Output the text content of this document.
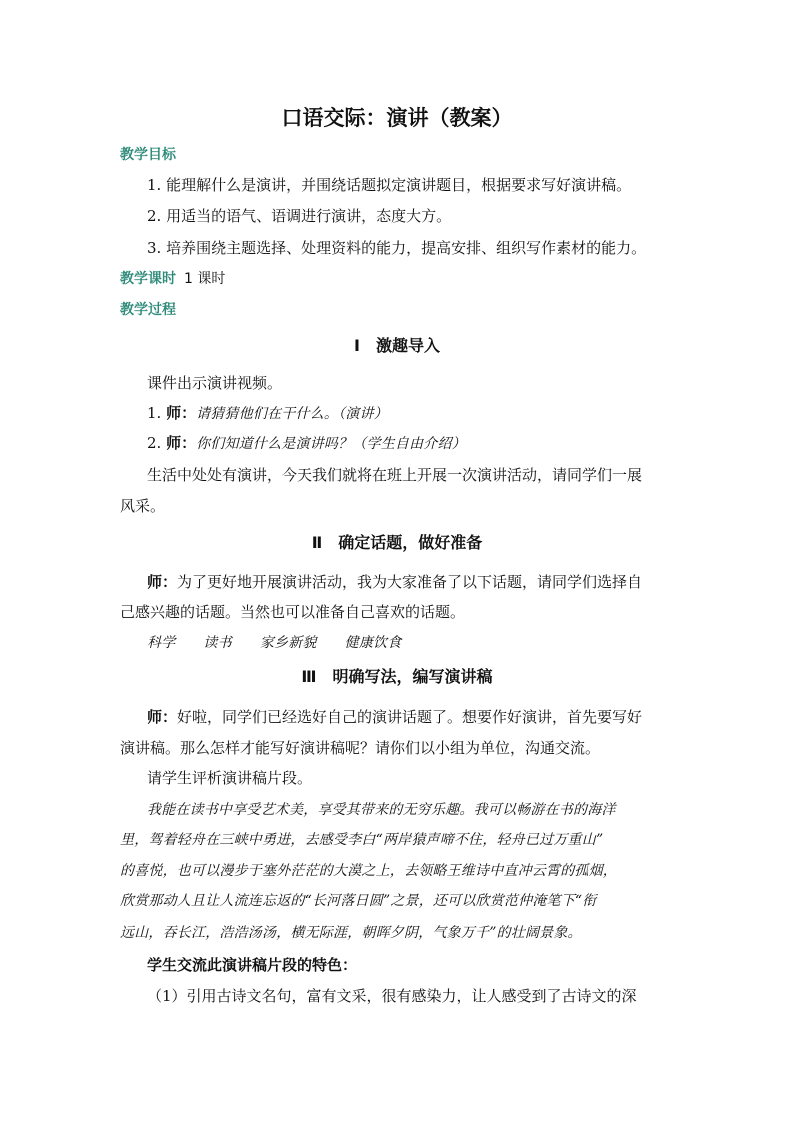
口语交际：演讲（教案）
教学目标
1. 能理解什么是演讲，并围绕话题拟定演讲题目，根据要求写好演讲稿。
2. 用适当的语气、语调进行演讲，态度大方。
3. 培养围绕主题选择、处理资料的能力，提高安排、组织写作素材的能力。
教学课时 1 课时
教学过程
Ⅰ　激趣导入
课件出示演讲视频。
1. 师：请猜猜他们在干什么。（演讲）
2. 师：你们知道什么是演讲吗？（学生自由介绍）
生活中处处有演讲，今天我们就将在班上开展一次演讲活动，请同学们一展
风采。
Ⅱ　确定话题，做好准备
师：为了更好地开展演讲活动，我为大家准备了以下话题，请同学们选择自
己感兴趣的话题。当然也可以准备自己喜欢的话题。
科学 读书 家乡新貌 健康饮食
Ⅲ　明确写法，编写演讲稿
师：好啦，同学们已经选好自己的演讲话题了。想要作好演讲，首先要写好
演讲稿。那么怎样才能写好演讲稿呢？请你们以小组为单位，沟通交流。
请学生评析演讲稿片段。
我能在读书中享受艺术美，享受其带来的无穷乐趣。我可以畅游在书的海洋
里，驾着轻舟在三峡中勇进，去感受李白“两岸猿声啼不住，轻舟已过万重山”
的喜悦，也可以漫步于塞外茫茫的大漠之上，去领略王维诗中直冲云霄的孤烟，
欣赏那动人且让人流连忘返的“长河落日圆”之景，还可以欣赏范仲淹笔下“衔
远山，吞长江，浩浩汤汤，横无际涯，朝晖夕阴，气象万千”的壮阔景象。
学生交流此演讲稿片段的特色：
（1）引用古诗文名句，富有文采，很有感染力，让人感受到了古诗文的深
